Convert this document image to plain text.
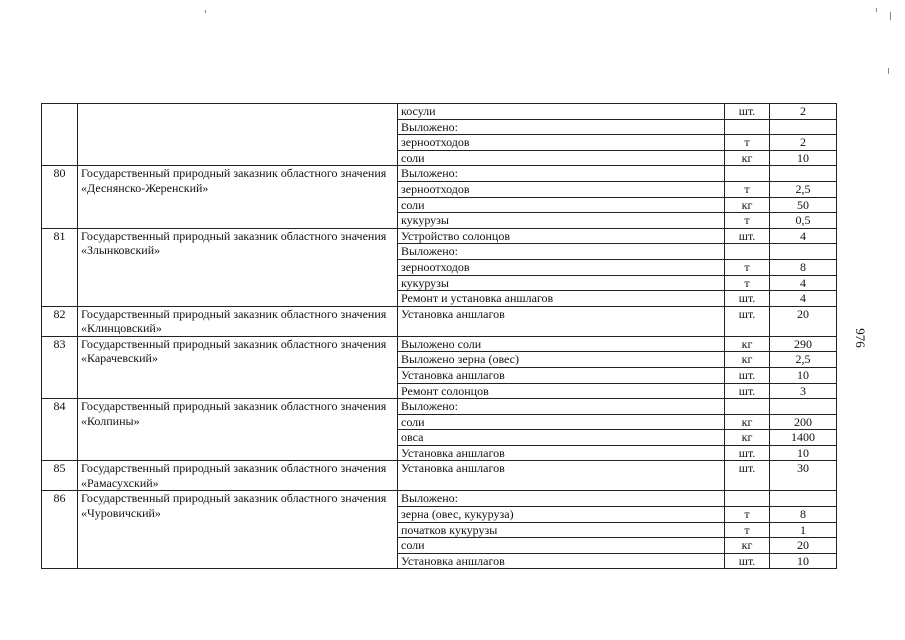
		косули	шт.	2
		Выложено:		
		зерноотходов	т	2
		соли	кг	10
80	Государственный природный заказник областного значения «Деснянско-Жеренский»	Выложено:		
		зерноотходов	т	2,5
		соли	кг	50
		кукурузы	т	0,5
81	Государственный природный заказник областного значения «Злынковский»	Устройство солонцов	шт.	4
		Выложено:		
		зерноотходов	т	8
		кукурузы	т	4
		Ремонт и установка аншлагов	шт.	4
82	Государственный природный заказник областного значения «Клинцовский»	Установка аншлагов	шт.	20
83	Государственный природный заказник областного значения «Карачевский»	Выложено соли	кг	290
		Выложено зерна (овес)	кг	2,5
		Установка аншлагов	шт.	10
		Ремонт солонцов	шт.	3
84	Государственный природный заказник областного значения «Колпины»	Выложено:		
		соли	кг	200
		овса	кг	1400
		Установка аншлагов	шт.	10
85	Государственный природный заказник областного значения «Рамасухский»	Установка аншлагов	шт.	30
86	Государственный природный заказник областного значения «Чуровичский»	Выложено:		
		зерна (овес, кукуруза)	т	8
		початков кукурузы	т	1
		соли	кг	20
		Установка аншлагов	шт.	10
976
